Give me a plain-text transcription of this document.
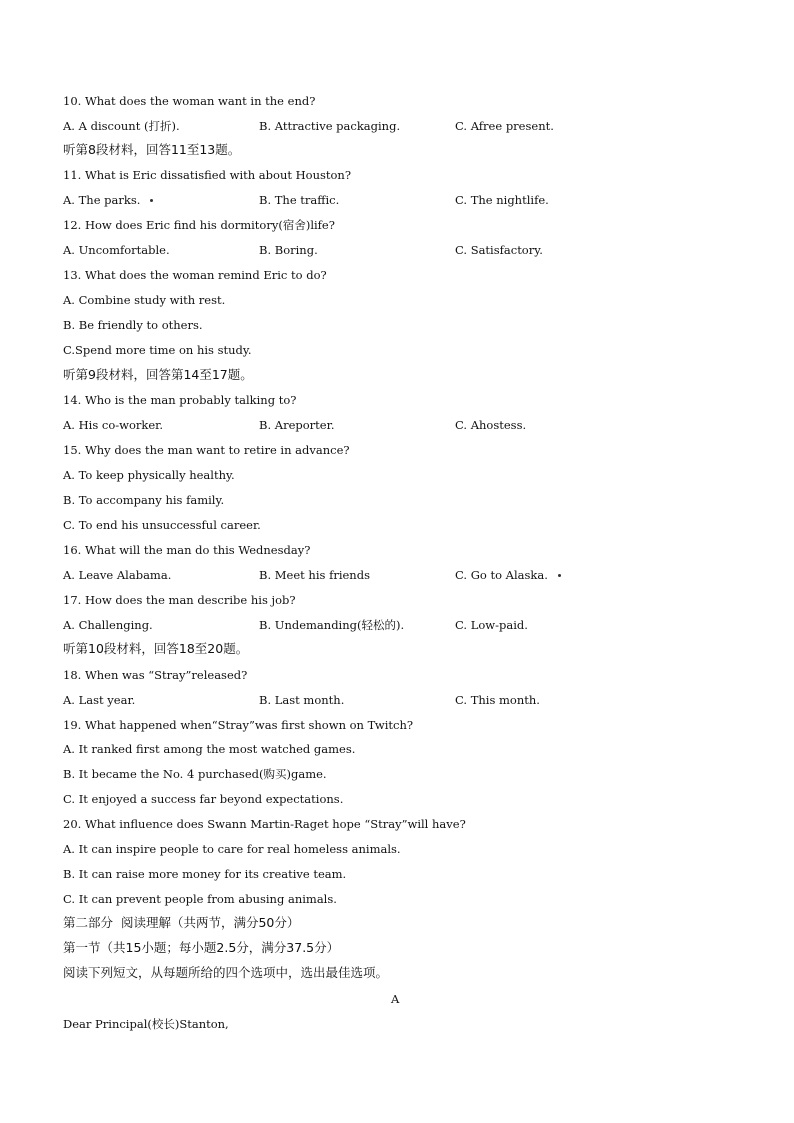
10. What does the woman want in the end?
A. A discount (打折).	B. Attractive packaging.	C. Afree present.
听第8段材料，回答11至13题。
11. What is Eric dissatisfied with about Houston?
A. The parks.	B. The traffic.	C. The nightlife.
12. How does Eric find his dormitory(宿舍)life?
A. Uncomfortable.	B. Boring.	C. Satisfactory.
13. What does the woman remind Eric to do?
A. Combine study with rest.
B. Be friendly to others.
C.Spend more time on his study.
听第9段材料，回答第14至17题。
14. Who is the man probably talking to?
A. His co-worker.	B. Areporter.	C. Ahostess.
15. Why does the man want to retire in advance?
A. To keep physically healthy.
B. To accompany his family.
C. To end his unsuccessful career.
16. What will the man do this Wednesday?
A. Leave Alabama.	B. Meet his friends	C. Go to Alaska.
17. How does the man describe his job?
A. Challenging.	B. Undemanding(轻松的).	C. Low-paid.
听第10段材料，回答18至20题。
18. When was “Stray”released?
A. Last year.	B. Last month.	C. This month.
19. What happened when“Stray”was first shown on Twitch?
A. It ranked first among the most watched games.
B. It became the No. 4 purchased(购买)game.
C. It enjoyed a success far beyond expectations.
20. What influence does Swann Martin-Raget hope “Stray”will have?
A. It can inspire people to care for real homeless animals.
B. It can raise more money for its creative team.
C. It can prevent people from abusing animals.
第二部分  阅读理解（共两节，满分50分）
第一节（共15小题；每小题2.5分，满分37.5分）
阅读下列短文，从每题所给的四个选项中，选出最佳选项。
A
Dear Principal(校长)Stanton,
